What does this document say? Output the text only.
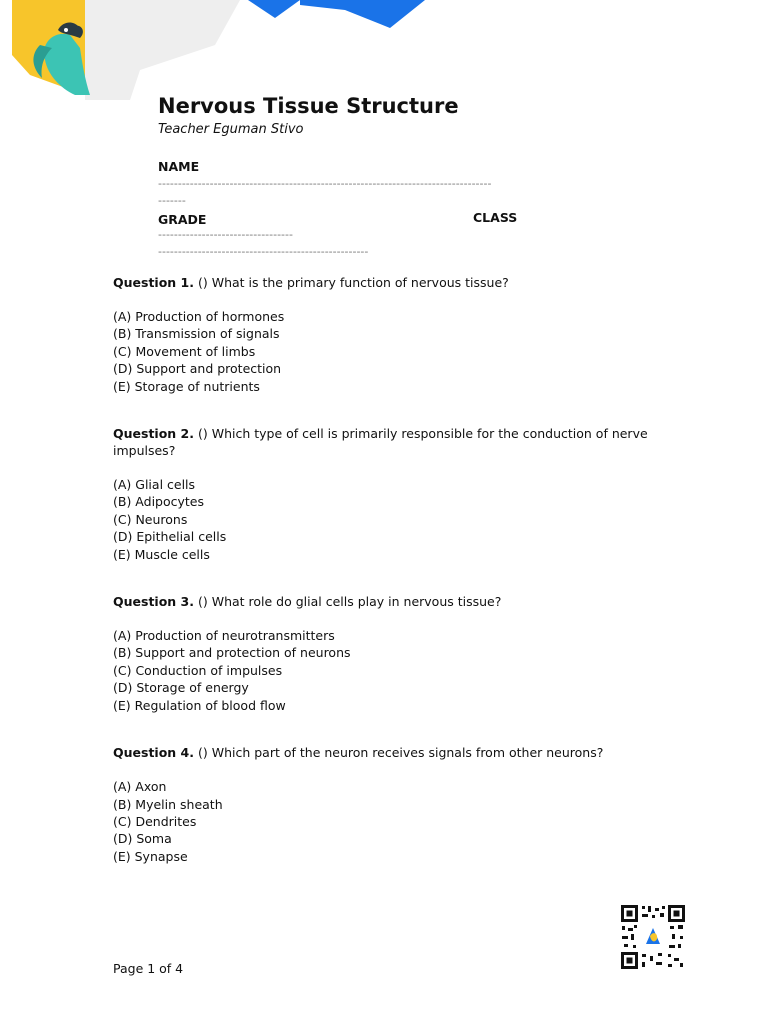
Nervous Tissue Structure
Teacher Eguman Stivo
NAME
------------------------------------------------------------------------------------
-------
GRADE	CLASS
----------------------------------
-----------------------------------------------------

Question 1. () What is the primary function of nervous tissue?

(A) Production of hormones
(B) Transmission of signals
(C) Movement of limbs
(D) Support and protection
(E) Storage of nutrients

Question 2. () Which type of cell is primarily responsible for the conduction of nerve impulses?

(A) Glial cells
(B) Adipocytes
(C) Neurons
(D) Epithelial cells
(E) Muscle cells

Question 3. () What role do glial cells play in nervous tissue?

(A) Production of neurotransmitters
(B) Support and protection of neurons
(C) Conduction of impulses
(D) Storage of energy
(E) Regulation of blood flow

Question 4. () Which part of the neuron receives signals from other neurons?

(A) Axon
(B) Myelin sheath
(C) Dendrites
(D) Soma
(E) Synapse
Page 1 of 4
